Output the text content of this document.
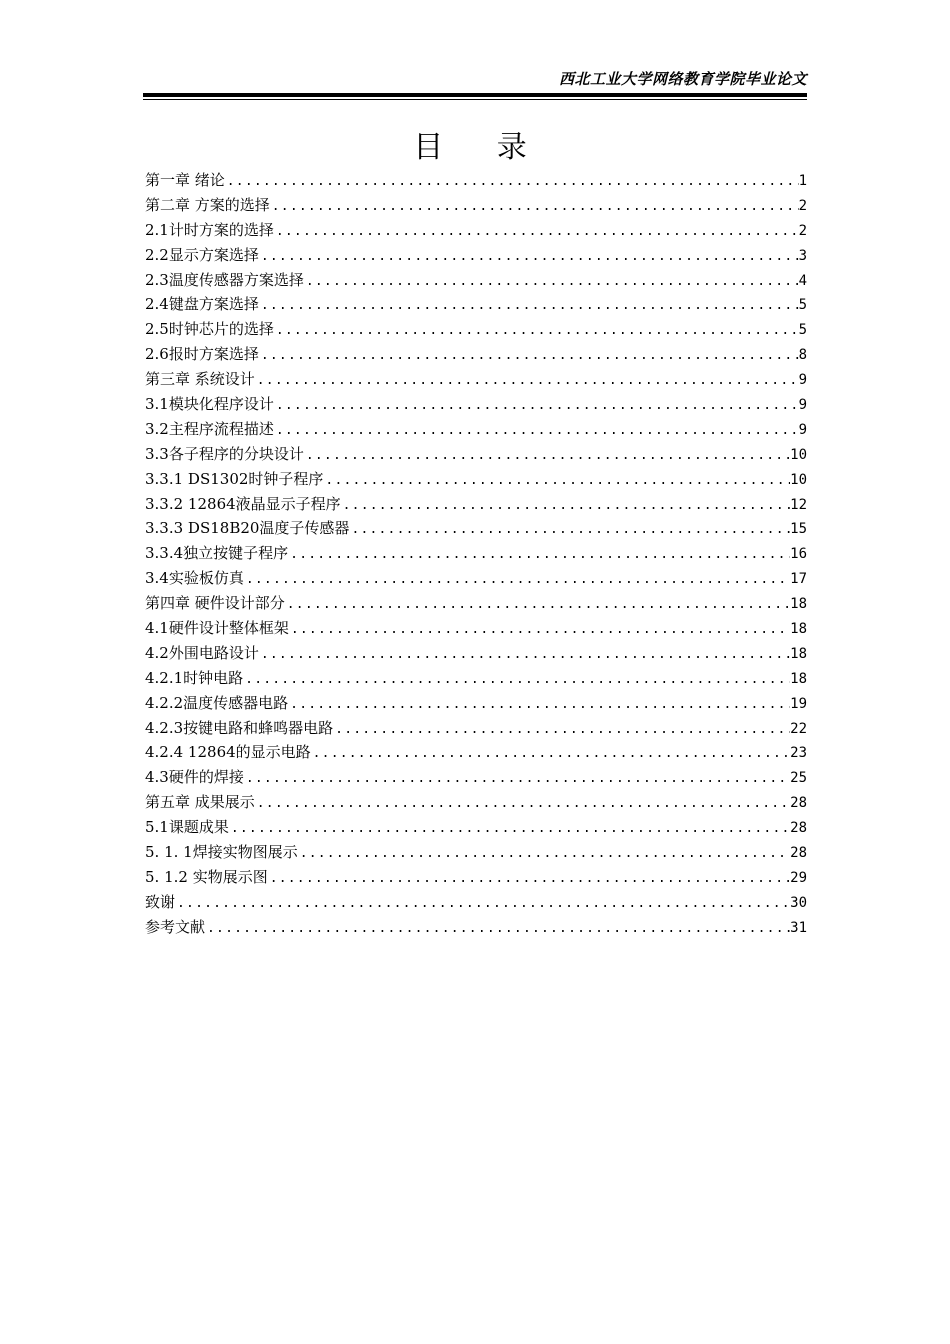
西北工业大学网络教育学院毕业论文
目 录
第一章 绪论 .....	1
第二章 方案的选择 .....	2
2.1计时方案的选择 .....	2
2.2显示方案选择 .....	3
2.3温度传感器方案选择 .....	4
2.4键盘方案选择 .....	5
2.5时钟芯片的选择 .....	5
2.6报时方案选择 .....	8
第三章 系统设计 .....	9
3.1模块化程序设计 .....	9
3.2主程序流程描述 .....	9
3.3各子程序的分块设计 .....	10
3.3.1 DS1302时钟子程序 .....	10
3.3.2 12864液晶显示子程序 .....	12
3.3.3 DS18B20温度子传感器 .....	15
3.3.4独立按键子程序 .....	16
3.4实验板仿真 .....	17
第四章 硬件设计部分 .....	18
4.1硬件设计整体框架 .....	18
4.2外围电路设计 .....	18
4.2.1时钟电路 .....	18
4.2.2温度传感器电路 .....	19
4.2.3按键电路和蜂鸣器电路 .....	22
4.2.4 12864的显示电路 .....	23
4.3硬件的焊接 .....	25
第五章 成果展示 .....	28
5.1课题成果 .....	28
5. 1. 1焊接实物图展示 .....	28
5. 1.2 实物展示图 .....	29
致谢 .....	30
参考文献 .....	31
